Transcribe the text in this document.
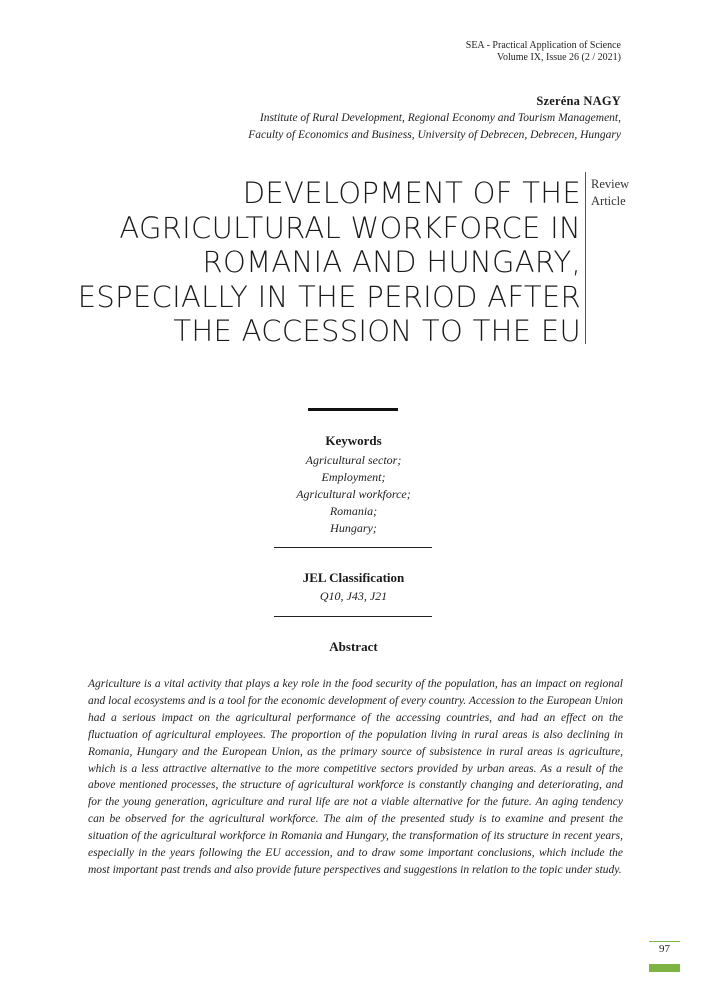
SEA - Practical Application of Science
Volume IX, Issue 26 (2 / 2021)
Szeréna NAGY
Institute of Rural Development, Regional Economy and Tourism Management,
Faculty of Economics and Business, University of Debrecen, Debrecen, Hungary
DEVELOPMENT OF THE
AGRICULTURAL WORKFORCE IN
ROMANIA AND HUNGARY,
ESPECIALLY IN THE PERIOD AFTER
THE ACCESSION TO THE EU
Review
Article
Keywords
Agricultural sector;
Employment;
Agricultural workforce;
Romania;
Hungary;
JEL Classification
Q10, J43, J21
Abstract
Agriculture is a vital activity that plays a key role in the food security of the population, has an impact on regional and local ecosystems and is a tool for the economic development of every country. Accession to the European Union had a serious impact on the agricultural performance of the accessing countries, and had an effect on the fluctuation of agricultural employees. The proportion of the population living in rural areas is also declining in Romania, Hungary and the European Union, as the primary source of subsistence in rural areas is agriculture, which is a less attractive alternative to the more competitive sectors provided by urban areas. As a result of the above mentioned processes, the structure of agricultural workforce is constantly changing and deteriorating, and for the young generation, agriculture and rural life are not a viable alternative for the future. An aging tendency can be observed for the agricultural workforce. The aim of the presented study is to examine and present the situation of the agricultural workforce in Romania and Hungary, the transformation of its structure in recent years, especially in the years following the EU accession, and to draw some important conclusions, which include the most important past trends and also provide future perspectives and suggestions in relation to the topic under study.
97
